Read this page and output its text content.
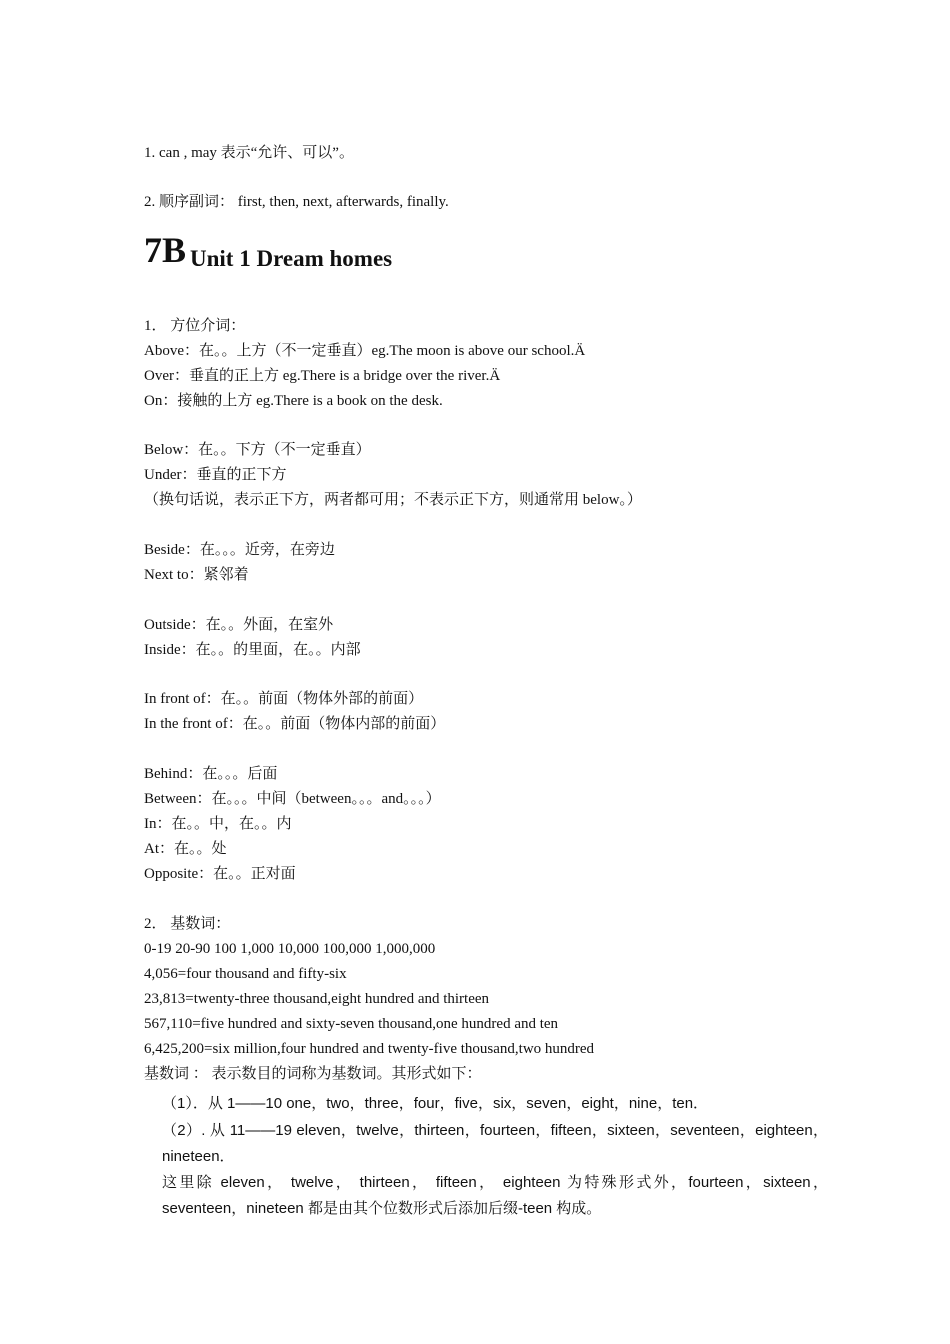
1. can , may 表示“允许、可以”。
2. 顺序副词： first, then, next, afterwards, finally.
7B Unit 1 Dream homes
1． 方位介词：
Above：在。。上方（不一定垂直）eg.The moon is above our school.Ä
Over：垂直的正上方 eg.There is a bridge over the river.Ä
On：接触的上方 eg.There is a book on the desk.
Below：在。。下方（不一定垂直）
Under：垂直的正下方
（换句话说，表示正下方，两者都可用；不表示正下方，则通常用 below。）
Beside：在。。。近旁，在旁边
Next to：紧邻着
Outside：在。。外面，在室外
Inside：在。。的里面，在。。内部
In front of：在。。前面（物体外部的前面）
In the front of：在。。前面（物体内部的前面）
Behind：在。。。后面
Between：在。。。中间（between。。。and。。。）
In：在。。中，在。。内
At：在。。处
Opposite：在。。正对面
2． 基数词：
0-19 20-90 100 1,000 10,000 100,000 1,000,000
4,056=four thousand and fifty-six
23,813=twenty-three thousand,eight hundred and thirteen
567,110=five hundred and sixty-seven thousand,one hundred and ten
6,425,200=six million,four hundred and twenty-five thousand,two hundred
基数词 ： 表示数目的词称为基数词。其形式如下：
（1）．从 1——10 one，two，three，four，five，six，seven，eight，nine，ten．
（2）. 从 11——19 eleven，twelve，thirteen，fourteen，fifteen，sixteen，seventeen，eighteen， nineteen．
这里除 eleven， twelve， thirteen， fifteen， eighteen 为特殊形式外，fourteen，sixteen，seventeen，nineteen 都是由其个位数形式后添加后缀-teen 构成。
